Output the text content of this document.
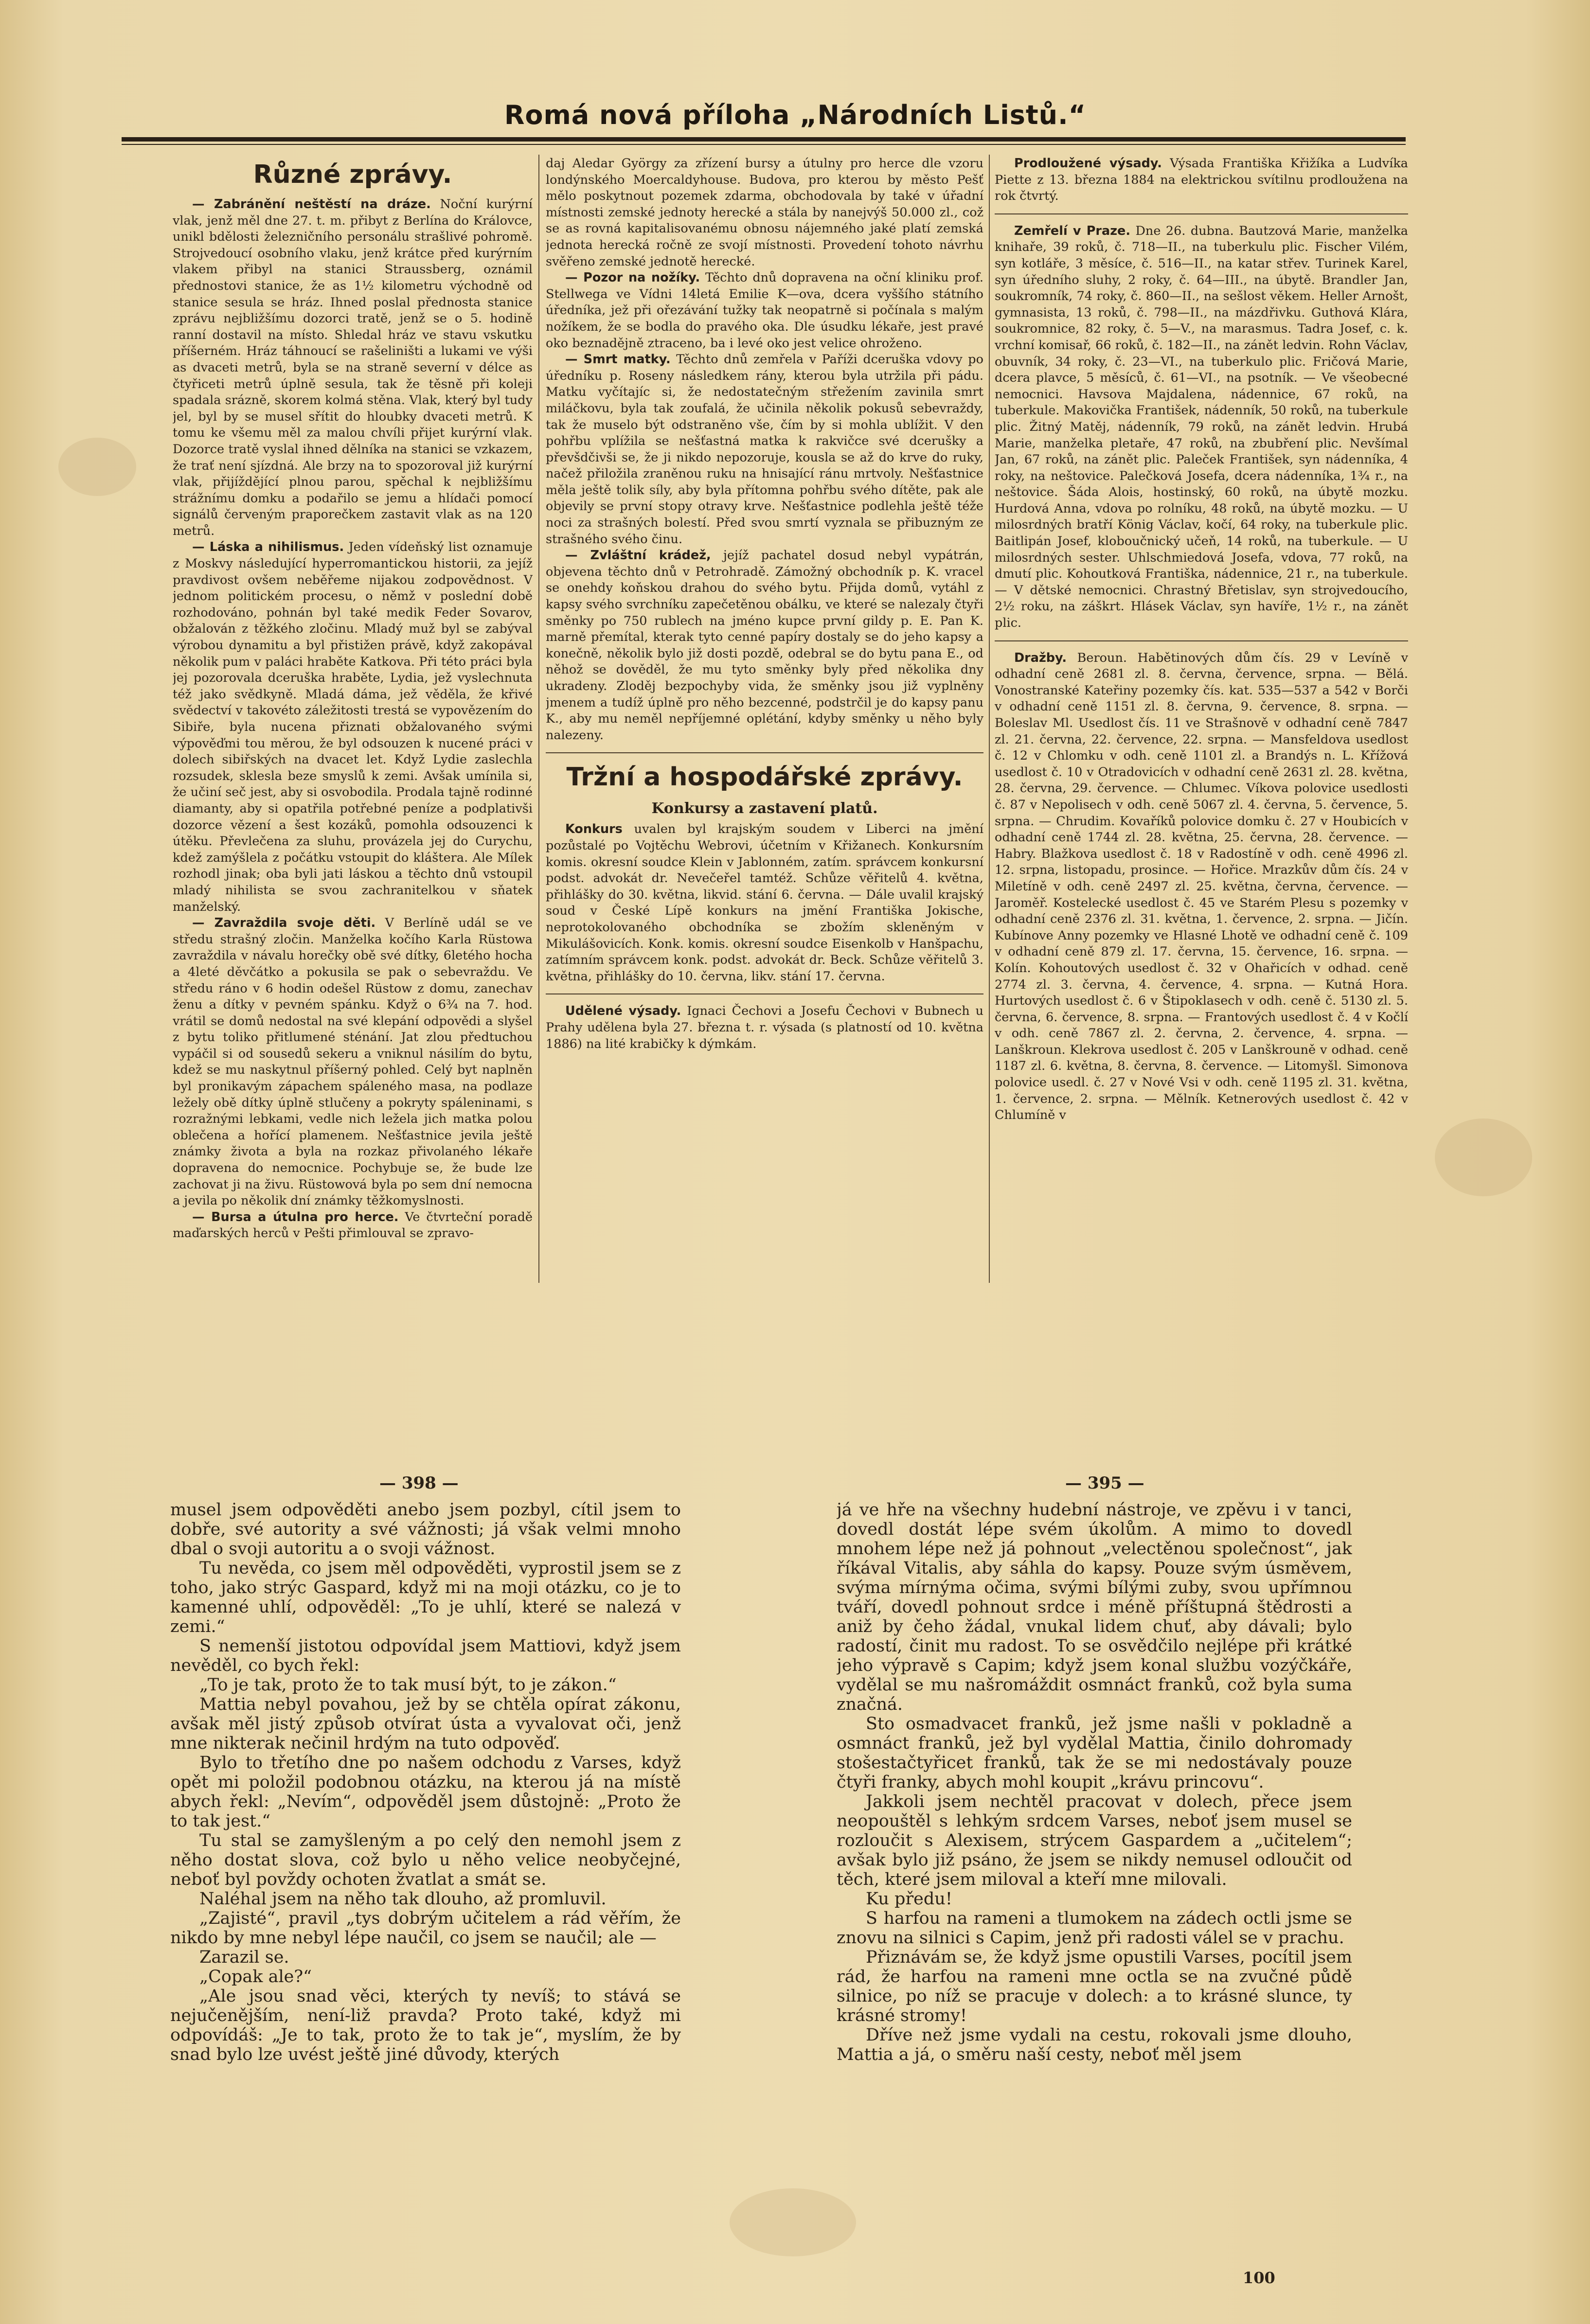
Romá nová příloha „Národních Listů.“
Různé zprávy.

— Zabránění neštěstí na dráze. Noční kurýrní vlak, jenž měl dne 27. t. m. přibyt z Berlína do Královce, unikl bdělosti železničního personálu strašlivé pohromě. Strojvedoucí osobního vlaku, jenž krátce před kurýrním vlakem přibyl na stanici Straussberg, oznámil přednostovi stanice, že as 1½ kilometru východně od stanice sesula se hráz. Ihned poslal přednosta stanice zprávu nejbližšímu dozorci tratě, jenž se o 5. hodině ranní dostavil na místo. Shledal hráz ve stavu vskutku příšerném. Hráz táhnoucí se rašeliništi a lukami ve výši as dvaceti metrů, byla se na straně severní v délce as čtyřiceti metrů úplně sesula, tak že těsně při koleji spadala srázně, skorem kolmá stěna. Vlak, který byl tudy jel, byl by se musel sřítit do hloubky dvaceti metrů. K tomu ke všemu měl za malou chvíli přijet kurýrní vlak. Dozorce tratě vyslal ihned dělníka na stanici se vzkazem, že trať není sjízdná. Ale brzy na to spozoroval již kurýrní vlak, přijíždějící plnou parou, spěchal k nejbližšímu strážnímu domku a podařilo se jemu a hlídači pomocí signálů červeným praporečkem zastavit vlak as na 120 metrů.

— Láska a nihilismus. Jeden vídeňský list oznamuje z Moskvy následující hyperromantickou historii, za jejíž pravdivost ovšem neběřeme nijakou zodpovědnost. V jednom politickém procesu, o němž v poslední době rozhodováno, pohnán byl také medik Feder Sovarov, obžalován z těžkého zločinu. Mladý muž byl se zabýval výrobou dynamitu a byl přistižen právě, když zakopával několik pum v paláci hraběte Katkova. Při této práci byla jej pozorovala dceruška hraběte, Lydia, jež vyslechnuta též jako svědkyně. Mladá dáma, jež věděla, že křivé svědectví v takovéto záležitosti trestá se vypovězením do Sibiře, byla nucena přiznati obžalovaného svými výpověďmi tou měrou, že byl odsouzen k nucené práci v dolech sibiřských na dvacet let. Když Lydie zaslechla rozsudek, sklesla beze smyslů k zemi. Avšak umínila si, že učiní seč jest, aby si osvobodila. Prodala tajně rodinné diamanty, aby si opatřila potřebné peníze a podplativši dozorce vězení a šest kozáků, pomohla odsouzenci k útěku. Převlečena za sluhu, provázela jej do Curychu, kdež zamýšlela z počátku vstoupit do kláštera. Ale Mílek rozhodl jinak; oba byli jati láskou a těchto dnů vstoupil mladý nihilista se svou zachranitelkou v sňatek manželský.

— Zavraždila svoje děti. V Berlíně udál se ve středu strašný zločin. Manželka kočího Karla Rüstowa zavraždila v návalu horečky obě své dítky, 6letého hocha a 4leté děvčátko a pokusila se pak o sebevraždu. Ve středu ráno v 6 hodin odešel Rüstow z domu, zanechav ženu a dítky v pevném spánku. Když o 6¾ na 7. hod. vrátil se domů nedostal na své klepání odpovědi a slyšel z bytu toliko přitlumené sténání. Jat zlou předtuchou vypáčil si od sousedů sekeru a vniknul násilím do bytu, kdež se mu naskytnul příšerný pohled. Celý byt naplněn byl pronikavým zápachem spáleného masa, na podlaze ležely obě dítky úplně stlučeny a pokryty spáleninami, s rozražnými lebkami, vedle nich ležela jich matka polou oblečena a hořící plamenem. Nešťastnice jevila ještě známky života a byla na rozkaz přivolaného lékaře dopravena do nemocnice. Pochybuje se, že bude lze zachovat ji na živu. Rüstowová byla po sem dní nemocna a jevila po několik dní známky těžkomyslnosti.

— Bursa a útulna pro herce. Ve čtvrteční poradě maďarských herců v Pešti přimlouval se zpravo-

daj Aledar György za zřízení bursy a útulny pro herce dle vzoru londýnského Moercaldyhouse. Budova, pro kterou by město Pešť mělo poskytnout pozemek zdarma, obchodovala by také v úřadní místnosti zemské jednoty herecké a stála by nanejvýš 50.000 zl., což se as rovná kapitalisovanému obnosu nájemného jaké platí zemská jednota herecká ročně ze svojí místnosti. Provedení tohoto návrhu svěřeno zemské jednotě herecké.

— Pozor na nožíky. Těchto dnů dopravena na oční kliniku prof. Stellwega ve Vídni 14letá Emilie K—ova, dcera vyššího státního úředníka, jež při ořezávání tužky tak neopatrně si počínala s malým nožíkem, že se bodla do pravého oka. Dle úsudku lékaře, jest pravé oko beznadějně ztraceno, ba i levé oko jest velice ohroženo.

— Smrt matky. Těchto dnů zemřela v Paříži dceruška vdovy po úředníku p. Roseny následkem rány, kterou byla utržila při pádu. Matku vyčítajíc si, že nedostatečným střežením zavinila smrt miláčkovu, byla tak zoufalá, že učinila několik pokusů sebevraždy, tak že muselo být odstraněno vše, čím by si mohla ublížit. V den pohřbu vplížila se nešťastná matka k rakvičce své dcerušky a převšdčivši se, že ji nikdo nepozoruje, kousla se až do krve do ruky, načež přiložila zraněnou ruku na hnisající ránu mrtvoly. Nešťastnice měla ještě tolik síly, aby byla přítomna pohřbu svého dítěte, pak ale objevily se první stopy otravy krve. Nešťastnice podlehla ještě téže noci za strašných bolestí. Před svou smrtí vyznala se přibuzným ze strašného svého činu.

— Zvláštní krádež, jejíž pachatel dosud nebyl vypátrán, objevena těchto dnů v Petrohradě. Zámožný obchodník p. K. vracel se onehdy koňskou drahou do svého bytu. Přijda domů, vytáhl z kapsy svého svrchníku zapečetěnou obálku, ve které se nalezaly čtyři směnky po 750 rublech na jméno kupce první gildy p. E. Pan K. marně přemítal, kterak tyto cenné papíry dostaly se do jeho kapsy a konečně, několik bylo již dosti pozdě, odebral se do bytu pana E., od něhož se dověděl, že mu tyto směnky byly před několika dny ukradeny. Zloděj bezpochyby vida, že směnky jsou již vyplněny jmenem a tudíž úplně pro něho bezcenné, podstrčil je do kapsy panu K., aby mu neměl nepříjemné oplétání, kdyby směnky u něho byly nalezeny.

Tržní a hospodářské zprávy.
Konkursy a zastavení platů.

Konkurs uvalen byl krajským soudem v Liberci na jmění pozůstalé po Vojtěchu Webrovi, účetním v Křižanech. Konkursním komis. okresní soudce Klein v Jablonném, zatím. správcem konkursní podst. advokát dr. Nevečeřel tamtéž. Schůze věřitelů 4. května, přihlášky do 30. května, likvid. stání 6. června. — Dále uvalil krajský soud v České Lípě konkurs na jmění Františka Jokische, neprotokolovaného obchodníka se zbožím skleněným v Mikulášovicích. Konk. komis. okresní soudce Eisenkolb v Hanšpachu, zatímním správcem konk. podst. advokát dr. Beck. Schůze věřitelů 3. května, přihlášky do 10. června, likv. stání 17. června.

Udělené výsady. Ignaci Čechovi a Josefu Čechovi v Bubnech u Prahy udělena byla 27. března t. r. výsada (s platností od 10. května 1886) na lité krabičky k dýmkám.

Prodloužené výsady. Výsada Františka Křižíka a Ludvíka Piette z 13. března 1884 na elektrickou svítilnu prodloužena na rok čtvrtý.

Zemřelí v Praze. Dne 26. dubna. Bautzová Marie, manželka knihaře, 39 roků, č. 718—II., na tuberkulu plic. Fischer Vilém, syn kotláře, 3 měsíce, č. 516—II., na katar střev. Turinek Karel, syn úředního sluhy, 2 roky, č. 64—III., na úbytě. Brandler Jan, soukromník, 74 roky, č. 860—II., na sešlost věkem. Heller Arnošt, gymnasista, 13 roků, č. 798—II., na mázdřivku. Guthová Klára, soukromnice, 82 roky, č. 5—V., na marasmus. Tadra Josef, c. k. vrchní komisař, 66 roků, č. 182—II., na zánět ledvin. Rohn Václav, obuvník, 34 roky, č. 23—VI., na tuberkulo plic. Fričová Marie, dcera plavce, 5 měsíců, č. 61—VI., na psotník. — Ve všeobecné nemocnici. Havsova Majdalena, nádennice, 67 roků, na tuberkule. Makovička František, nádenník, 50 roků, na tuberkule plic. Žitný Matěj, nádenník, 79 roků, na zánět ledvin. Hrubá Marie, manželka pletaře, 47 roků, na zbubření plic. Nevšímal Jan, 67 roků, na zánět plic. Paleček František, syn nádenníka, 4 roky, na neštovice. Palečková Josefa, dcera nádenníka, 1¾ r., na neštovice. Šáda Alois, hostinský, 60 roků, na úbytě mozku. Hurdová Anna, vdova po rolníku, 48 roků, na úbytě mozku. — U milosrdných bratří König Václav, kočí, 64 roky, na tuberkule plic. Baitlipán Josef, kloboučnický učeň, 14 roků, na tuberkule. — U milosrdných sester. Uhlschmiedová Josefa, vdova, 77 roků, na dmutí plic. Kohoutková Františka, nádennice, 21 r., na tuberkule. — V dětské nemocnici. Chrastný Břetislav, syn strojvedoucího, 2½ roku, na záškrt. Hlásek Václav, syn havíře, 1½ r., na zánět plic.

Dražby. Beroun. Habětinových dům čís. 29 v Levíně v odhadní ceně 2681 zl. 8. června, července, srpna. — Bělá. Vonostranské Kateřiny pozemky čís. kat. 535—537 a 542 v Borči v odhadní ceně 1151 zl. 8. června, 9. července, 8. srpna. — Boleslav Ml. Usedlost čís. 11 ve Strašnově v odhadní ceně 7847 zl. 21. června, 22. července, 22. srpna. — Mansfeldova usedlost č. 12 v Chlomku v odh. ceně 1101 zl. a Brandýs n. L. Křížová usedlost č. 10 v Otradovicích v odhadní ceně 2631 zl. 28. května, 28. června, 29. července. — Chlumec. Víkova polovice usedlosti č. 87 v Nepolisech v odh. ceně 5067 zl. 4. června, 5. července, 5. srpna. — Chrudim. Kovaříků polovice domku č. 27 v Houbicích v odhadní ceně 1744 zl. 28. května, 25. června, 28. července. — Habry. Blažkova usedlost č. 18 v Radostíně v odh. ceně 4996 zl. 12. srpna, listopadu, prosince. — Hořice. Mrazkův dům čís. 24 v Miletíně v odh. ceně 2497 zl. 25. května, června, července. — Jaroměř. Kostelecké usedlost č. 45 ve Starém Plesu s pozemky v odhadní ceně 2376 zl. 31. května, 1. července, 2. srpna. — Jičín. Kubínove Anny pozemky ve Hlasné Lhotě ve odhadní ceně č. 109 v odhadní ceně 879 zl. 17. června, 15. července, 16. srpna. — Kolín. Kohoutových usedlost č. 32 v Ohařicích v odhad. ceně 2774 zl. 3. června, 4. července, 4. srpna. — Kutná Hora. Hurtových usedlost č. 6 v Štipoklasech v odh. ceně č. 5130 zl. 5. června, 6. července, 8. srpna. — Frantových usedlost č. 4 v Kočlí v odh. ceně 7867 zl. 2. června, 2. července, 4. srpna. — Lanškroun. Klekrova usedlost č. 205 v Lanškrouně v odhad. ceně 1187 zl. 6. května, 8. června, 8. července. — Litomyšl. Simonova polovice usedl. č. 27 v Nové Vsi v odh. ceně 1195 zl. 31. května, 1. července, 2. srpna. — Mělník. Ketnerových usedlost č. 42 v Chlumíně v

— 398 —	— 395 —

musel jsem odpověděti anebo jsem pozbyl, cítil jsem to dobře, své autority a své vážnosti; já však velmi mnoho dbal o svoji autoritu a o svoji vážnost.

Tu nevěda, co jsem měl odpověděti, vyprostil jsem se z toho, jako strýc Gaspard, když mi na moji otázku, co je to kamenné uhlí, odpověděl: „To je uhlí, které se nalezá v zemi.“

S nemenší jistotou odpovídal jsem Mattiovi, když jsem nevěděl, co bych řekl:

„To je tak, proto že to tak musí být, to je zákon.“

Mattia nebyl povahou, jež by se chtěla opírat zákonu, avšak měl jistý způsob otvírat ústa a vyvalovat oči, jenž mne nikterak nečinil hrdým na tuto odpověď.

Bylo to třetího dne po našem odchodu z Varses, když opět mi položil podobnou otázku, na kterou já na místě abych řekl: „Nevím“, odpověděl jsem důstojně: „Proto že to tak jest.“

Tu stal se zamyšleným a po celý den nemohl jsem z něho dostat slova, což bylo u něho velice neobyčejné, neboť byl povždy ochoten žvatlat a smát se.

Naléhal jsem na něho tak dlouho, až promluvil.

„Zajisté“, pravil „tys dobrým učitelem a rád věřím, že nikdo by mne nebyl lépe naučil, co jsem se naučil; ale —

Zarazil se.

„Copak ale?“

„Ale jsou snad věci, kterých ty nevíš; to stává se nejučenějším, není-liž pravda? Proto také, když mi odpovídáš: „Je to tak, proto že to tak je“, myslím, že by snad bylo lze uvést ještě jiné důvody, kterých

já ve hře na všechny hudební nástroje, ve zpěvu i v tanci, dovedl dostát lépe svém úkolům. A mimo to dovedl mnohem lépe než já pohnout „velectěnou společnost“, jak říkával Vitalis, aby sáhla do kapsy. Pouze svým úsměvem, svýma mírnýma očima, svými bílými zuby, svou upřímnou tváří, dovedl pohnout srdce i méně příštupná štědrosti a aniž by čeho žádal, vnukal lidem chuť, aby dávali; bylo radostí, činit mu radost. To se osvědčilo nejlépe při krátké jeho výpravě s Capim; když jsem konal službu vozýčkáře, vydělal se mu našromáždit osmnáct franků, což byla suma značná.

Sto osmadvacet franků, jež jsme našli v pokladně a osmnáct franků, jež byl vydělal Mattia, činilo dohromady stošestačtyřicet franků, tak že se mi nedostávaly pouze čtyři franky, abych mohl koupit „krávu princovu“.

Jakkoli jsem nechtěl pracovat v dolech, přece jsem neopouštěl s lehkým srdcem Varses, neboť jsem musel se rozloučit s Alexisem, strýcem Gaspardem a „učitelem“; avšak bylo již psáno, že jsem se nikdy nemusel odloučit od těch, které jsem miloval a kteří mne milovali.

Ku předu!

S harfou na rameni a tlumokem na zádech octli jsme se znovu na silnici s Capim, jenž při radosti válel se v prachu.

Přiznávám se, že když jsme opustili Varses, pocítil jsem rád, že harfou na rameni mne octla se na zvučné půdě silnice, po níž se pracuje v dolech: a to krásné slunce, ty krásné stromy!

Dříve než jsme vydali na cestu, rokovali jsme dlouho, Mattia a já, o směru naší cesty, neboť měl jsem

100
